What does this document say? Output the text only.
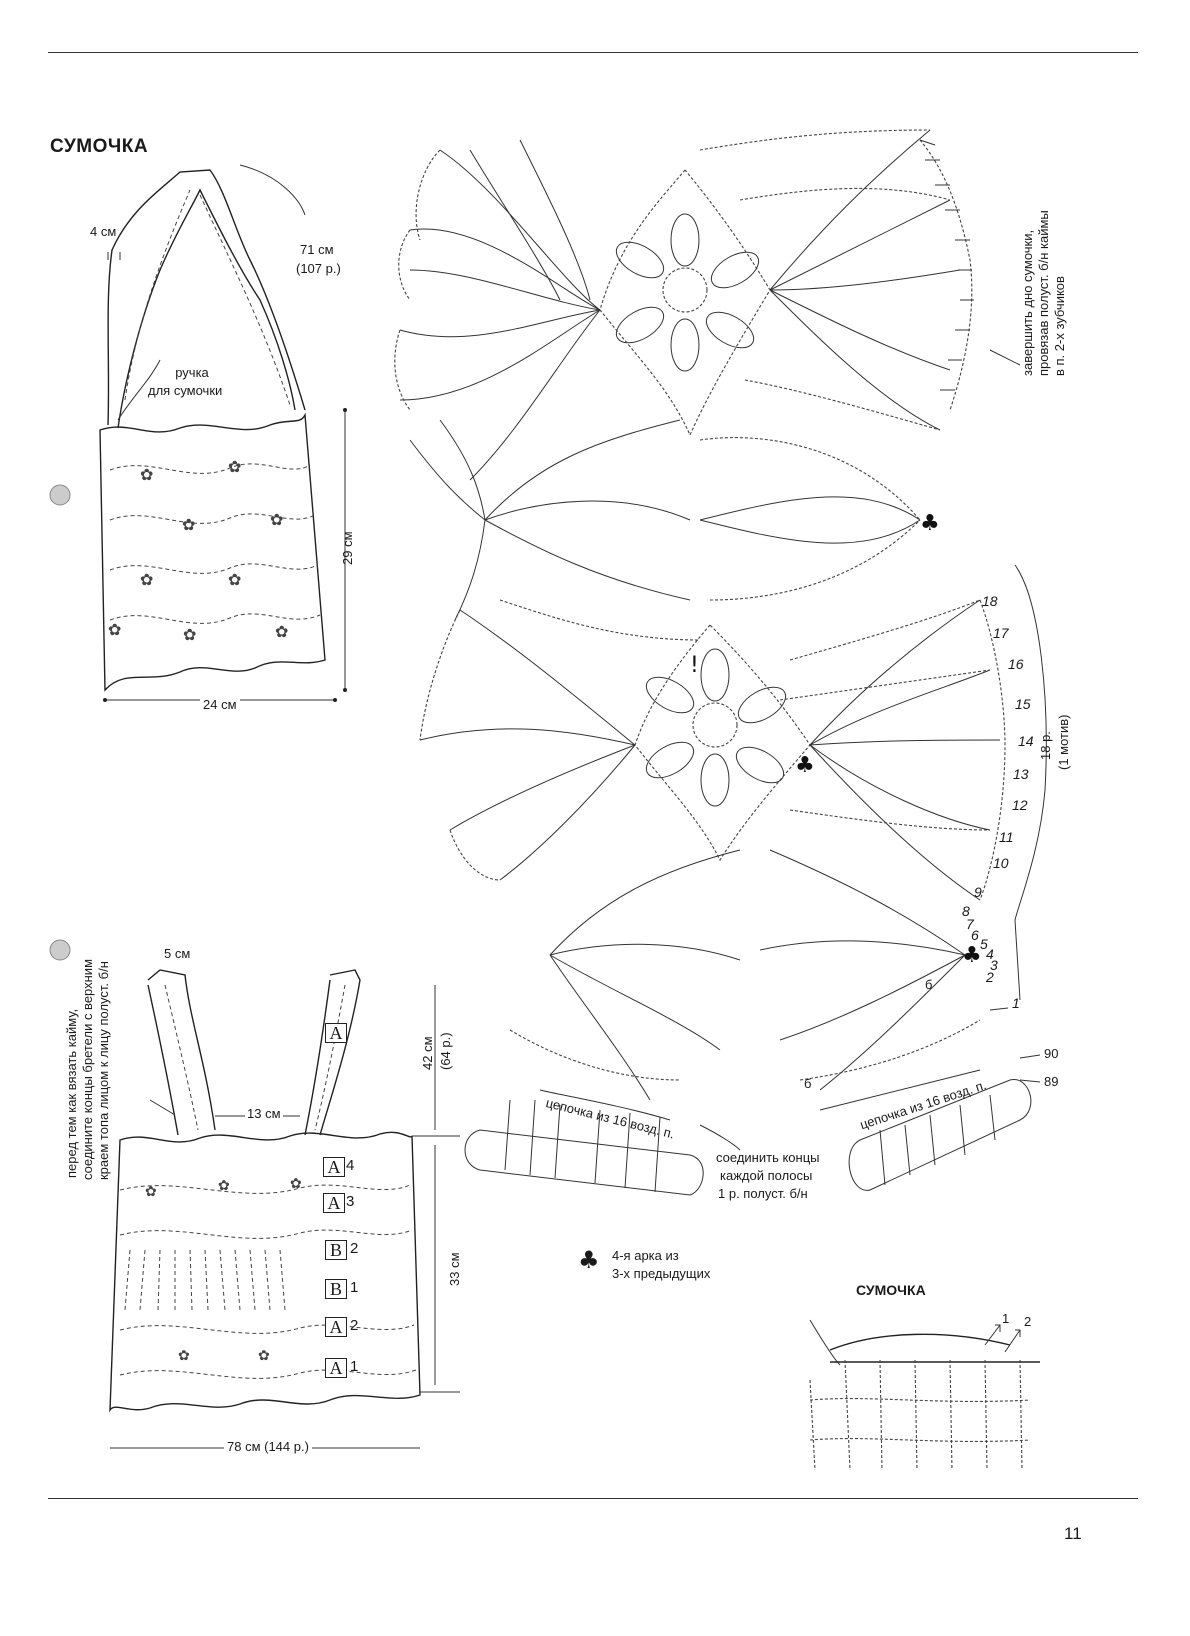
11
✿	✿
✿	✿
✿	✿
✿	✿
✿
✿	✿	✿
✿	✿
♣
♣
♣
!
СУМОЧКА
4 см
71 см
(107 р.)
ручка
для сумочки
29 см
24 см
5 см
42 см (64 р.)
13 см
перед тем как вязать кайму, соедините концы бретели с верхним краем топа лицом к лицу полуст. б/н
33 см
78 см (144 р.)
A
A 4
A 3
B 2
B 1
A 2
A 1
завершить дно сумочки, провязав полуст. б/н каймы в п. 2-х зубчиков
18 р. (1 мотив)
18
17
16
15
14
13
12
11
10
9
8
7
6
5
4
3
2
1
цепочка из 16 возд. п.	цепочка из 16 возд. п.
соединить концы
каждой полосы
1 р. полуст. б/н
90
89
б
б
♣ 4-я арка из
3-х предыдущих
СУМОЧКА
1 2
